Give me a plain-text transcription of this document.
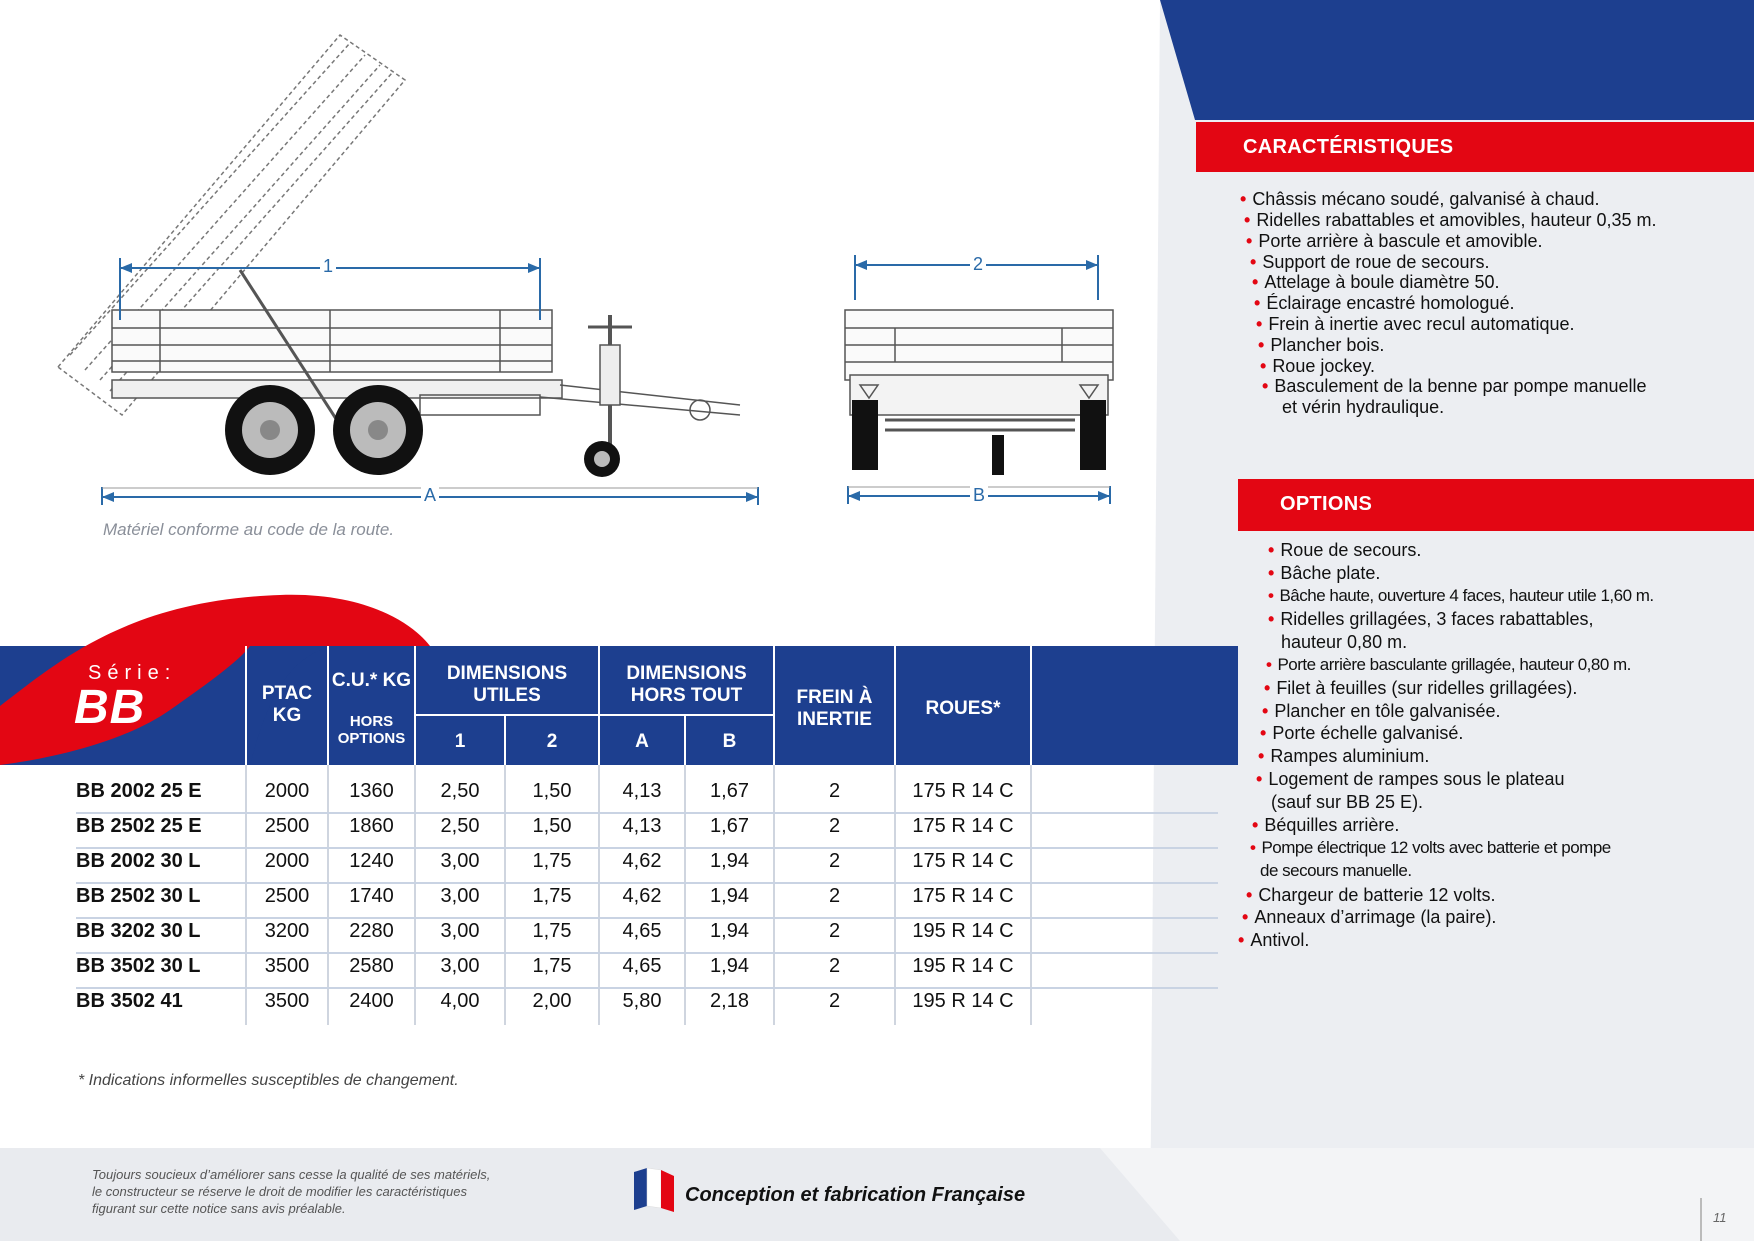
1
A
2
B
Matériel conforme au code de la route.
Série:
BB	PTAC KG
C.U.* KG
HORS OPTIONS
DIMENSIONS UTILES
DIMENSIONS HORS TOUT	FREIN À INERTIE
ROUES*
1	2	A	B
BB 2002 25 E	2000	1360	2,50	1,50	4,13	1,67	2	175 R 14 C
BB 2502 25 E	2500	1860	2,50	1,50	4,13	1,67	2	175 R 14 C
BB 2002 30 L	2000	1240	3,00	1,75	4,62	1,94	2	175 R 14 C
BB 2502 30 L	2500	1740	3,00	1,75	4,62	1,94	2	175 R 14 C
BB 3202 30 L	3200	2280	3,00	1,75	4,65	1,94	2	195 R 14 C
BB 3502 30 L	3500	2580	3,00	1,75	4,65	1,94	2	195 R 14 C
BB 3502 41	3500	2400	4,00	2,00	5,80	2,18	2	195 R 14 C
* Indications informelles susceptibles de changement.
CARACTÉRISTIQUES
• Châssis mécano soudé, galvanisé à chaud.
• Ridelles rabattables et amovibles, hauteur 0,35 m.
• Porte arrière à bascule et amovible.
• Support de roue de secours.
• Attelage à boule diamètre 50.
• Éclairage encastré homologué.
• Frein à inertie avec recul automatique.
• Plancher bois.
• Roue jockey.
• Basculement de la benne par pompe manuelle
et vérin hydraulique.
OPTIONS
• Roue de secours.
• Bâche plate.
• Bâche haute, ouverture 4 faces, hauteur utile 1,60 m.
• Ridelles grillagées, 3 faces rabattables,
• Porte arrière basculante grillagée, hauteur 0,80 m.
• Filet à feuilles (sur ridelles grillagées).
• Plancher en tôle galvanisée.
• Porte échelle galvanisé.
• Rampes aluminium.
• Logement de rampes sous le plateau
• Béquilles arrière.
• Pompe électrique 12 volts avec batterie et pompe
• Chargeur de batterie 12 volts.
• Anneaux d’arrimage (la paire).
• Antivol.
hauteur 0,80 m.
(sauf sur BB 25 E).
de secours manuelle.
Toujours soucieux d’améliorer sans cesse la qualité de ses matériels,
le constructeur se réserve le droit de modifier les caractéristiques
figurant sur cette notice sans avis préalable.
Conception et fabrication Française
11
